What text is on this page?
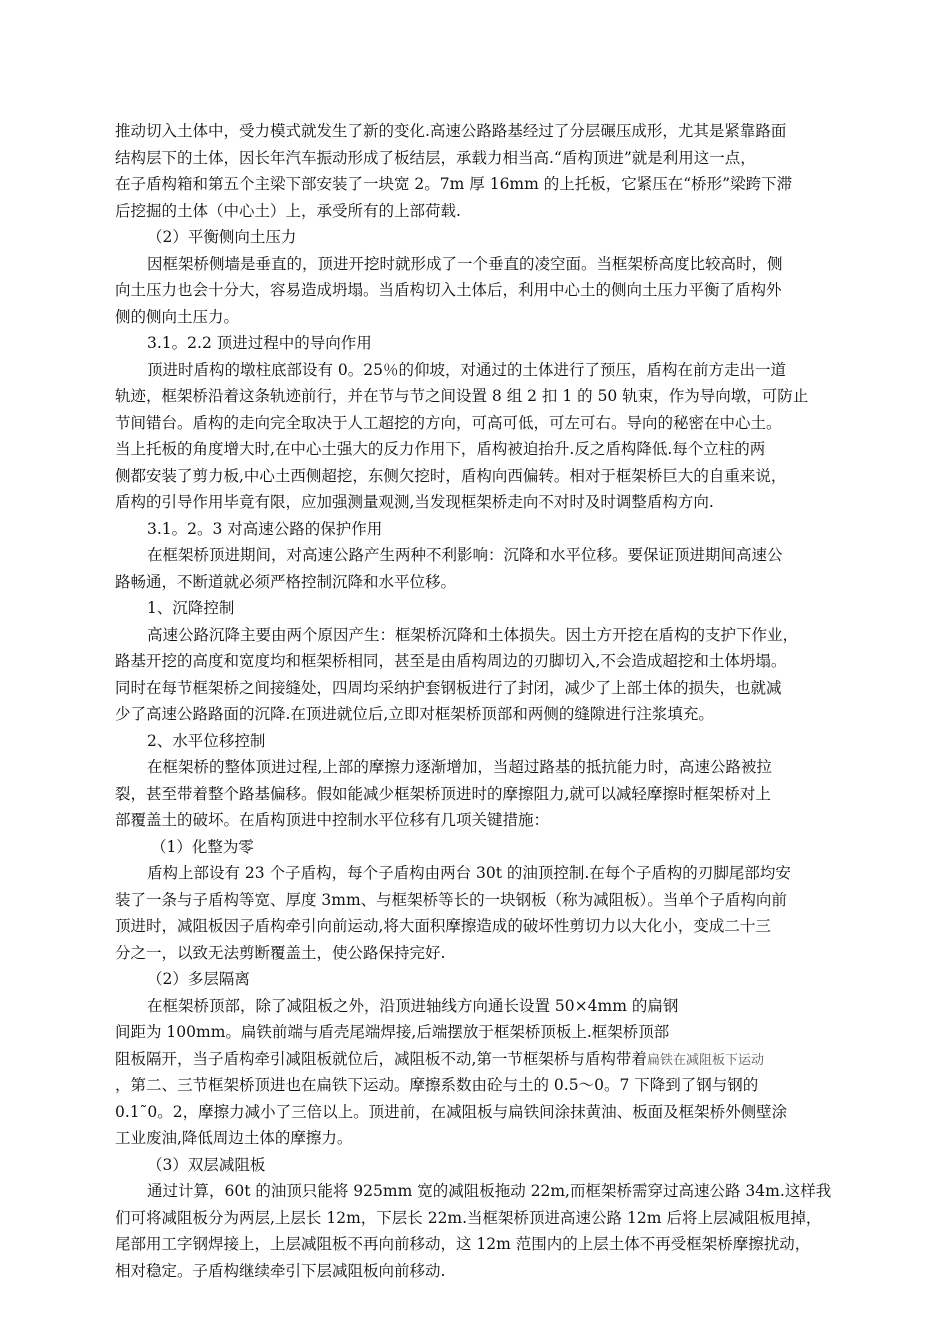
推动切入土体中，受力模式就发生了新的变化.高速公路路基经过了分层碾压成形，尤其是紧靠路面
结构层下的土体，因长年汽车振动形成了板结层，承载力相当高.“盾构顶进”就是利用这一点，
在子盾构箱和第五个主梁下部安装了一块宽 2。7m 厚 16mm 的上托板，它紧压在“桥形”梁跨下滞
后挖掘的土体（中心土）上，承受所有的上部荷载.
（2）平衡侧向土压力
因框架桥侧墙是垂直的，顶进开挖时就形成了一个垂直的凌空面。当框架桥高度比较高时，侧
向土压力也会十分大，容易造成坍塌。当盾构切入土体后，利用中心土的侧向土压力平衡了盾构外
侧的侧向土压力。
3.1。2.2 顶进过程中的导向作用
顶进时盾构的墩柱底部设有 0。25％的仰坡，对通过的土体进行了预压，盾构在前方走出一道
轨迹，框架桥沿着这条轨迹前行，并在节与节之间设置 8 组 2 扣 1 的 50 轨束，作为导向墩，可防止
节间错台。盾构的走向完全取决于人工超挖的方向，可高可低，可左可右。导向的秘密在中心土。
当上托板的角度增大时,在中心土强大的反力作用下，盾构被迫抬升.反之盾构降低.每个立柱的两
侧都安装了剪力板,中心土西侧超挖，东侧欠挖时，盾构向西偏转。相对于框架桥巨大的自重来说，
盾构的引导作用毕竟有限，应加强测量观测,当发现框架桥走向不对时及时调整盾构方向.
3.1。2。3 对高速公路的保护作用
在框架桥顶进期间，对高速公路产生两种不利影响：沉降和水平位移。要保证顶进期间高速公
路畅通，不断道就必须严格控制沉降和水平位移。
1、沉降控制
高速公路沉降主要由两个原因产生：框架桥沉降和土体损失。因土方开挖在盾构的支护下作业，
路基开挖的高度和宽度均和框架桥相同，甚至是由盾构周边的刃脚切入,不会造成超挖和土体坍塌。
同时在每节框架桥之间接缝处，四周均采纳护套钢板进行了封闭，减少了上部土体的损失，也就减
少了高速公路路面的沉降.在顶进就位后,立即对框架桥顶部和两侧的缝隙进行注浆填充。
2、水平位移控制
在框架桥的整体顶进过程,上部的摩擦力逐渐增加，当超过路基的抵抗能力时，高速公路被拉
裂，甚至带着整个路基偏移。假如能减少框架桥顶进时的摩擦阻力,就可以减轻摩擦时框架桥对上
部覆盖土的破坏。在盾构顶进中控制水平位移有几项关键措施：
（1）化整为零
盾构上部设有 23 个子盾构，每个子盾构由两台 30t 的油顶控制.在每个子盾构的刃脚尾部均安
装了一条与子盾构等宽、厚度 3mm、与框架桥等长的一块钢板（称为减阻板）。当单个子盾构向前
顶进时，减阻板因子盾构牵引向前运动,将大面积摩擦造成的破坏性剪切力以大化小，变成二十三
分之一，以致无法剪断覆盖土，使公路保持完好.
（2）多层隔离
在框架桥顶部，除了减阻板之外，沿顶进轴线方向通长设置 50×4mm 的扁钢
间距为 100mm。扁铁前端与盾壳尾端焊接,后端摆放于框架桥顶板上.框架桥顶部
阻板隔开，当子盾构牵引减阻板就位后，减阻板不动,第一节框架桥与盾构带着扁铁在减阻板下运动
，第二、三节框架桥顶进也在扁铁下运动。摩擦系数由砼与土的 0.5～0。7 下降到了钢与钢的
0.1˜0。2，摩擦力减小了三倍以上。顶进前，在减阻板与扁铁间涂抹黄油、板面及框架桥外侧壁涂
工业废油,降低周边土体的摩擦力。
（3）双层减阻板
通过计算，60t 的油顶只能将 925mm 宽的减阻板拖动 22m,而框架桥需穿过高速公路 34m.这样我
们可将减阻板分为两层,上层长 12m，下层长 22m.当框架桥顶进高速公路 12m 后将上层减阻板甩掉，
尾部用工字钢焊接上，上层减阻板不再向前移动，这 12m 范围内的上层土体不再受框架桥摩擦扰动，
相对稳定。子盾构继续牵引下层减阻板向前移动.
